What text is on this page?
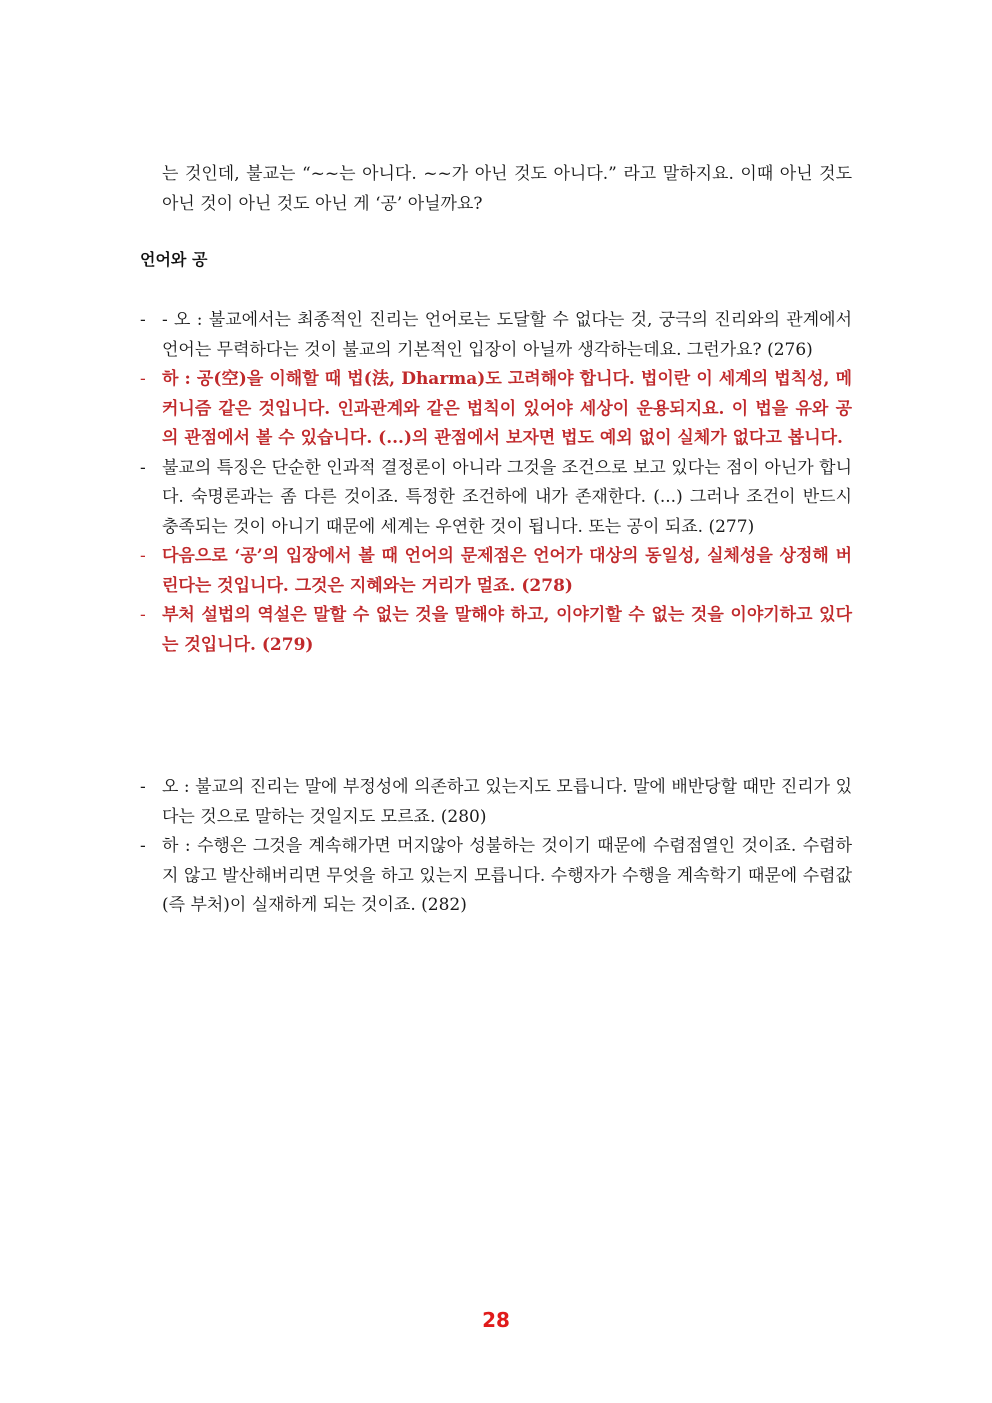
는 것인데, 불교는 “~~는 아니다. ~~가 아닌 것도 아니다.” 라고 말하지요. 이때 아닌 것도 아닌 것이 아닌 것도 아닌 게 ‘공’ 아닐까요?
언어와 공

- - 오 : 불교에서는 최종적인 진리는 언어로는 도달할 수 없다는 것, 궁극의 진리와의 관계에서 언어는 무력하다는 것이 불교의 기본적인 입장이 아닐까 생각하는데요. 그런가요? (276)

- 하 : 공(空)을 이해할 때 법(法, Dharma)도 고려해야 합니다. 법이란 이 세계의 법칙성, 메커니즘 같은 것입니다. 인과관계와 같은 법칙이 있어야 세상이 운용되지요. 이 법을 유와 공의 관점에서 볼 수 있습니다. (...)의 관점에서 보자면 법도 예외 없이 실체가 없다고 봅니다.

- 불교의 특징은 단순한 인과적 결정론이 아니라 그것을 조건으로 보고 있다는 점이 아닌가 합니다. 숙명론과는 좀 다른 것이죠. 특정한 조건하에 내가 존재한다. (...) 그러나 조건이 반드시 충족되는 것이 아니기 때문에 세계는 우연한 것이 됩니다. 또는 공이 되죠. (277)

- 다음으로 ‘공’의 입장에서 볼 때 언어의 문제점은 언어가 대상의 동일성, 실체성을 상정해 버린다는 것입니다. 그것은 지혜와는 거리가 멀죠. (278)

- 부처 설법의 역설은 말할 수 없는 것을 말해야 하고, 이야기할 수 없는 것을 이야기하고 있다는 것입니다. (279)

- 오 : 불교의 진리는 말에 부정성에 의존하고 있는지도 모릅니다. 말에 배반당할 때만 진리가 있다는 것으로 말하는 것일지도 모르죠. (280)

- 하 : 수행은 그것을 계속해가면 머지않아 성불하는 것이기 때문에 수렴점열인 것이죠. 수렴하지 않고 발산해버리면 무엇을 하고 있는지 모릅니다. 수행자가 수행을 계속학기 때문에 수렴값(즉 부처)이 실재하게 되는 것이죠. (282)

28
